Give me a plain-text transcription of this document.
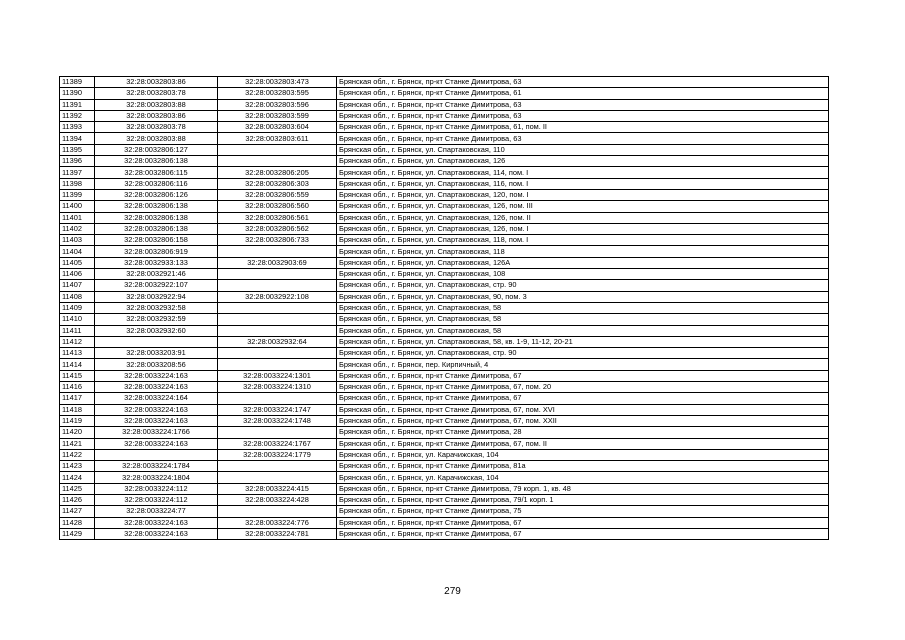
11389	32:28:0032803:86	32:28:0032803:473	Брянская обл., г. Брянск, пр-кт Станке Димитрова, 63
11390	32:28:0032803:78	32:28:0032803:595	Брянская обл., г. Брянск, пр-кт Станке Димитрова, 61
11391	32:28:0032803:88	32:28:0032803:596	Брянская обл., г. Брянск, пр-кт Станке Димитрова, 63
11392	32:28:0032803:86	32:28:0032803:599	Брянская обл., г. Брянск, пр-кт Станке Димитрова, 63
11393	32:28:0032803:78	32:28:0032803:604	Брянская обл., г. Брянск, пр-кт Станке Димитрова, 61, пом. II
11394	32:28:0032803:88	32:28:0032803:611	Брянская обл., г. Брянск, пр-кт Станке Димитрова, 63
11395	32:28:0032806:127		Брянская обл., г. Брянск, ул. Спартаковская, 110
11396	32:28:0032806:138		Брянская обл., г. Брянск, ул. Спартаковская, 126
11397	32:28:0032806:115	32:28:0032806:205	Брянская обл., г. Брянск, ул. Спартаковская, 114, пом. I
11398	32:28:0032806:116	32:28:0032806:303	Брянская обл., г. Брянск, ул. Спартаковская, 116, пом. I
11399	32:28:0032806:126	32:28:0032806:559	Брянская обл., г. Брянск, ул. Спартаковская, 120, пом. I
11400	32:28:0032806:138	32:28:0032806:560	Брянская обл., г. Брянск, ул. Спартаковская, 126, пом. III
11401	32:28:0032806:138	32:28:0032806:561	Брянская обл., г. Брянск, ул. Спартаковская, 126, пом. II
11402	32:28:0032806:138	32:28:0032806:562	Брянская обл., г. Брянск, ул. Спартаковская, 126, пом. I
11403	32:28:0032806:158	32:28:0032806:733	Брянская обл., г. Брянск, ул. Спартаковская, 118, пом. I
11404	32:28:0032806:919		Брянская обл., г. Брянск, ул. Спартаковская, 118
11405	32:28:0032933:133	32:28:0032903:69	Брянская обл., г. Брянск, ул. Спартаковская, 126А
11406	32:28:0032921:46		Брянская обл., г. Брянск, ул. Спартаковская, 108
11407	32:28:0032922:107		Брянская обл., г. Брянск, ул. Спартаковская, стр. 90
11408	32:28:0032922:94	32:28:0032922:108	Брянская обл., г. Брянск, ул. Спартаковская, 90, пом. 3
11409	32:28:0032932:58		Брянская обл., г. Брянск, ул. Спартаковская, 58
11410	32:28:0032932:59		Брянская обл., г. Брянск, ул. Спартаковская, 58
11411	32:28:0032932:60		Брянская обл., г. Брянск, ул. Спартаковская, 58
11412		32:28:0032932:64	Брянская обл., г. Брянск, ул. Спартаковская, 58, кв. 1-9, 11-12, 20-21
11413	32:28:0033203:91		Брянская обл., г. Брянск, ул. Спартаковская, стр. 90
11414	32:28:0033208:56		Брянская обл., г. Брянск, пер. Кирпичный, 4
11415	32:28:0033224:163	32:28:0033224:1301	Брянская обл., г. Брянск, пр-кт Станке Димитрова, 67
11416	32:28:0033224:163	32:28:0033224:1310	Брянская обл., г. Брянск, пр-кт Станке Димитрова, 67, пом. 20
11417	32:28:0033224:164		Брянская обл., г. Брянск, пр-кт Станке Димитрова, 67
11418	32:28:0033224:163	32:28:0033224:1747	Брянская обл., г. Брянск, пр-кт Станке Димитрова, 67, пом. XVI
11419	32:28:0033224:163	32:28:0033224:1748	Брянская обл., г. Брянск, пр-кт Станке Димитрова, 67, пом. XXII
11420	32:28:0033224:1766		Брянская обл., г. Брянск, пр-кт Станке Димитрова, 28
11421	32:28:0033224:163	32:28:0033224:1767	Брянская обл., г. Брянск, пр-кт Станке Димитрова, 67, пом. II
11422		32:28:0033224:1779	Брянская обл., г. Брянск, ул. Карачижская, 104
11423	32:28:0033224:1784		Брянская обл., г. Брянск, пр-кт Станке Димитрова, 81а
11424	32:28:0033224:1804		Брянская обл., г. Брянск, ул. Карачижская, 104
11425	32:28:0033224:112	32:28:0033224:415	Брянская обл., г. Брянск, пр-кт Станке Димитрова, 79 корп. 1, кв. 48
11426	32:28:0033224:112	32:28:0033224:428	Брянская обл., г. Брянск, пр-кт Станке Димитрова, 79/1 корп. 1
11427	32:28:0033224:77		Брянская обл., г. Брянск, пр-кт Станке Димитрова, 75
11428	32:28:0033224:163	32:28:0033224:776	Брянская обл., г. Брянск, пр-кт Станке Димитрова, 67
11429	32:28:0033224:163	32:28:0033224:781	Брянская обл., г. Брянск, пр-кт Станке Димитрова, 67
279
